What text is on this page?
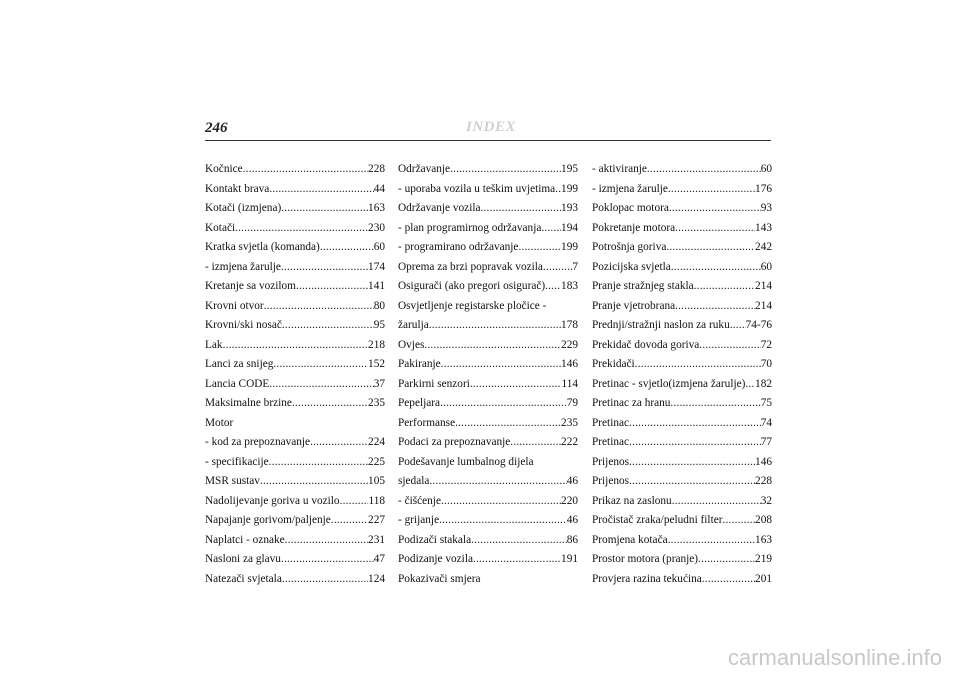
246	INDEX
Kočnice .....	228
Kontakt brava .....	44
Kotači (izmjena) .....	163
Kotači .....	230
Kratka svjetla (komanda) .....	60
- izmjena žarulje .....	174
Kretanje sa vozilom .....	141
Krovni otvor .....	80
Krovni/ski nosač .....	95
Lak .....	218
Lanci za snijeg .....	152
Lancia CODE .....	37
Maksimalne brzine .....	235
Motor
- kod za prepoznavanje .....	224
- specifikacije .....	225
MSR sustav .....	105
Nadolijevanje goriva u vozilo .....	118
Napajanje gorivom/paljenje .....	227
Naplatci - oznake .....	231
Nasloni za glavu .....	47
Natezači svjetala .....	124
Održavanje .....	195
- uporaba vozila u teškim uvjetima ..... 199
Održavanje vozila .....	193
- plan programirnog održavanja ..... 194
- programirano održavanje .....	199
Oprema za brzi popravak vozila .....	7
Osigurači (ako pregori osigurač) ..... 183
Osvjetljenje registarske pločice -
žarulja .....	178
Ovjes .....	229
Pakiranje .....	146
Parkirni senzori .....	114
Pepeljara .....	79
Performanse .....	235
Podaci za prepoznavanje .....	222
Podešavanje lumbalnog dijela
sjedala .....	46
- čišćenje .....	220
- grijanje .....	46
Podizači stakala .....	86
Podizanje vozila .....	191
Pokazivači smjera
- aktiviranje .....	60
- izmjena žarulje .....	176
Poklopac motora .....	93
Pokretanje motora .....	143
Potrošnja goriva .....	242
Pozicijska svjetla .....	60
Pranje stražnjeg stakla .....	214
Pranje vjetrobrana .....	214
Prednji/stražnji naslon za ruku ..... 74-76
Prekidač dovoda goriva .....	72
Prekidači .....	70
Pretinac - svjetlo(izmjena žarulje) ..... 182
Pretinac za hranu .....	75
Pretinac .....	74
Pretinac .....	77
Prijenos .....	146
Prijenos .....	228
Prikaz na zaslonu .....	32
Pročistač zraka/peludni filter .....	208
Promjena kotača .....	163
Prostor motora (pranje) .....	219
Provjera razina tekućina .....	201
carmanualsonline.info
